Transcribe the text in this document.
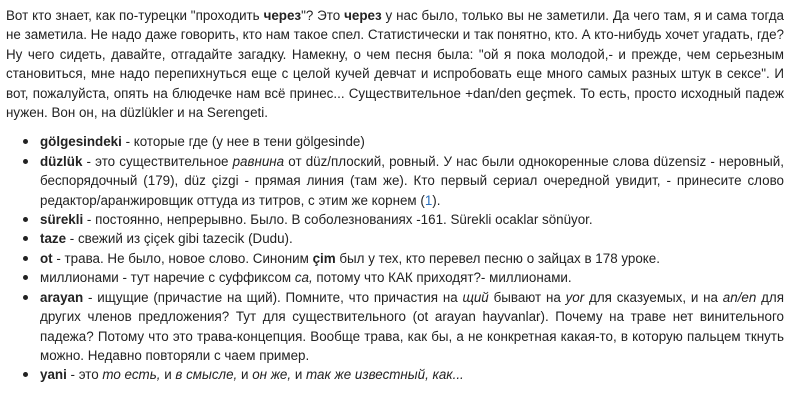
Вот кто знает, как по-турецки "проходить через"? Это через у нас было, только вы не заметили. Да чего там, я и сама тогда не заметила. Не надо даже говорить, кто нам такое спел. Статистически и так понятно, кто. А кто-нибудь хочет угадать, где? Ну чего сидеть, давайте, отгадайте загадку. Намекну, о чем песня была: "ой я пока молодой,- и прежде, чем серьезным становиться, мне надо перепихнуться еще с целой кучей девчат и испробовать еще много самых разных штук в сексе". И вот, пожалуйста, опять на блюдечке нам всё принес... Существительное +dan/den geçmek. То есть, просто исходный падеж нужен. Вон он, на düzlükler и на Serengeti.

gölgesindeki - которые где (у нее в тени gölgesinde)
düzlük - это существительное равнина от düz/плоский, ровный. У нас были однокоренные слова düzensiz - неровный, беспорядочный (179), düz çizgi - прямая линия (там же). Кто первый сериал очередной увидит, - принесите слово редактор/аранжировщик оттуда из титров, с этим же корнем (1).
sürekli - постоянно, непрерывно. Было. В соболезнованиях -161. Sürekli ocaklar sönüyor.
taze - свежий из çiçek gibi tazecik (Dudu).
ot - трава. Не было, новое слово. Синоним çim был у тех, кто перевел песню о зайцах в 178 уроке.
миллионами - тут наречие с суффиксом ca, потому что КАК приходят?- миллионами.
arayan - ищущие (причастие на щий). Помните, что причастия на щий бывают на yor для сказуемых, и на an/en для других членов предложения? Тут для существительного (ot arayan hayvanlar). Почему на траве нет винительного падежа? Потому что это трава-концепция. Вообще трава, как бы, а не конкретная какая-то, в которую пальцем ткнуть можно. Недавно повторяли с чаем пример.
yani - это то есть, и в смысле, и он же, и так же известный, как...
